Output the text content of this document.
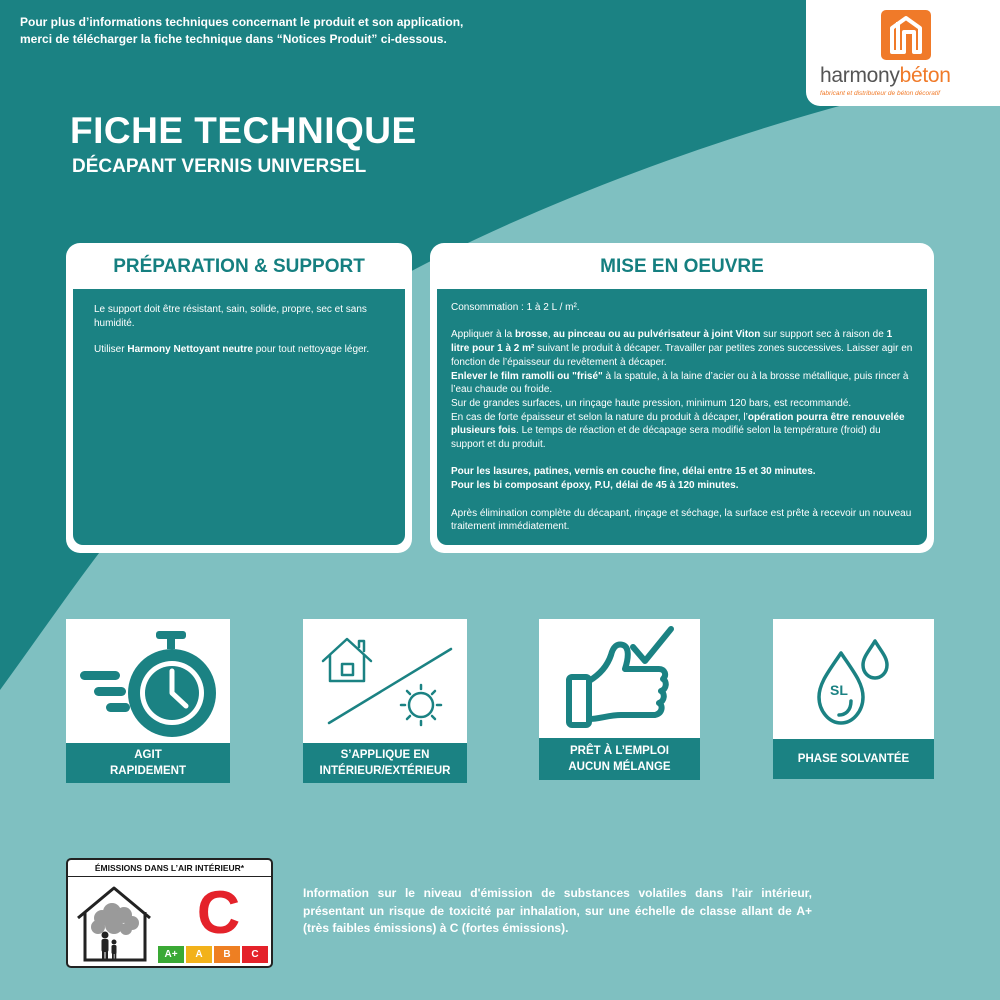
Pour plus d’informations techniques concernant le produit et son application,
merci de télécharger la fiche technique dans “Notices Produit” ci-dessous.
harmonybéton
fabricant et distributeur de béton décoratif
FICHE TECHNIQUE
DÉCAPANT VERNIS UNIVERSEL
PRÉPARATION & SUPPORT

Le support doit être résistant, sain, solide, propre, sec et sans humidité.

Utiliser Harmony Nettoyant neutre pour tout nettoyage léger.

MISE EN OEUVRE
Consommation : 1 à 2 L / m².
Appliquer à la brosse, au pinceau ou au pulvérisateur à joint Viton sur support sec à raison de 1 litre pour 1 à 2 m² suivant le produit à décaper. Travailler par petites zones successives. Laisser agir en fonction de l’épaisseur du revêtement à décaper.
Enlever le film ramolli ou "frisé" à la spatule, à la laine d’acier ou à la brosse métallique, puis rincer à l’eau chaude ou froide.
Sur de grandes surfaces, un rinçage haute pression, minimum 120 bars, est recommandé.
En cas de forte épaisseur et selon la nature du produit à décaper, l’opération pourra être renouvelée plusieurs fois. Le temps de réaction et de décapage sera modifié selon la température (froid) du support et du produit.
Pour les lasures, patines, vernis en couche fine, délai entre 15 et 30 minutes.
Pour les bi composant époxy, P.U, délai de 45 à 120 minutes.
Après élimination complète du décapant, rinçage et séchage, la surface est prête à recevoir un nouveau traitement immédiatement.
AGIT
RAPIDEMENT
S’APPLIQUE EN
INTÉRIEUR/EXTÉRIEUR
PRÊT À L’EMPLOI
AUCUN MÉLANGE
SL
PHASE SOLVANTÉE
ÉMISSIONS DANS L’AIR INTÉRIEUR*
C
A+	A	B	C
Information sur le niveau d'émission de substances volatiles dans l'air intérieur, présentant un risque de toxicité par inhalation, sur une échelle de classe allant de A+ (très faibles émissions) à C (fortes émissions).
